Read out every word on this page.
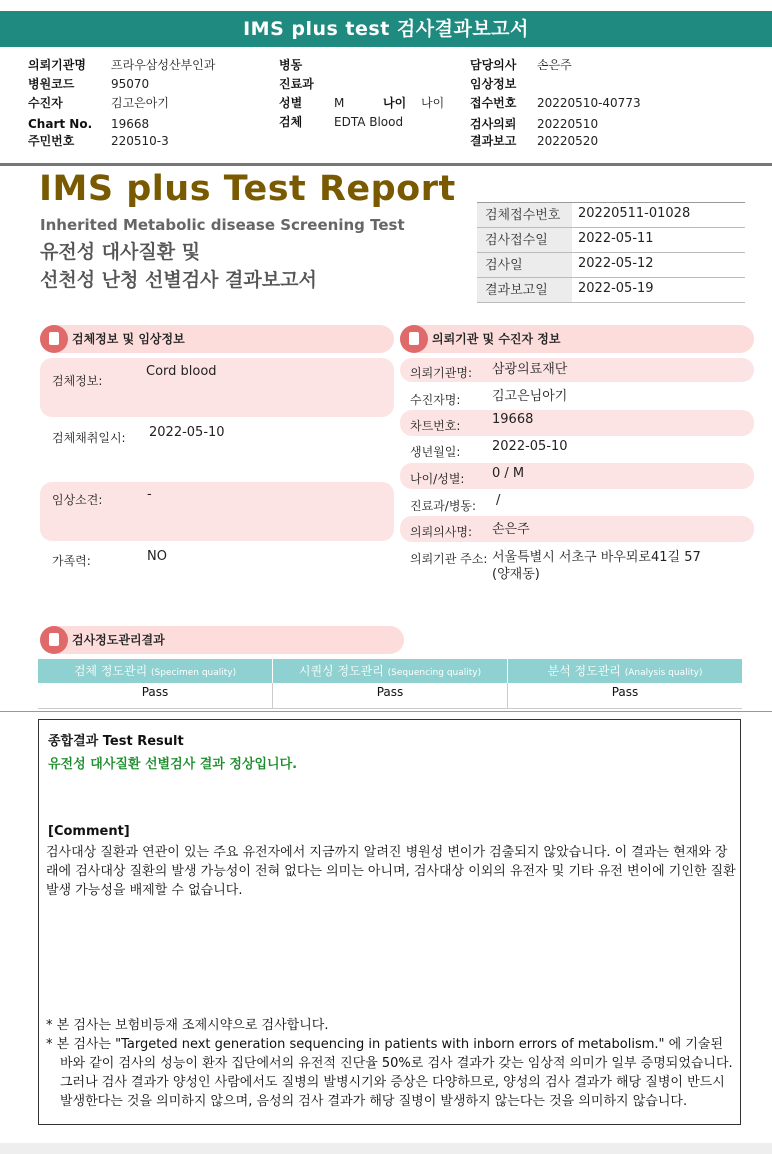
IMS plus test 검사결과보고서
의뢰기관명 프라우삼성산부인과
병원코드	95070
수진자	김고은아기
Chart No. 19668
주민번호	220510-3
병동
진료과
성별	M	나이 나이
검체	EDTA Blood
담당의사 손은주
임상정보
접수번호 20220510-40773
검사의뢰 20220510
결과보고 20220520
IMS plus Test Report
Inherited Metabolic disease Screening Test
유전성 대사질환 및
선천성 난청 선별검사 결과보고서
검체접수번호	20220511-01028
검사접수일	2022-05-11
검사일	2022-05-12
결과보고일	2022-05-19
검체정보 및 임상정보
검체정보:
Cord blood
검체채취일시: 2022-05-10
임상소견:	-
가족력:	NO
의뢰기관 및 수진자 정보
의뢰기관명: 삼광의료재단
수진자명: 김고은님아기
차트번호: 19668
생년월일: 2022-05-10
나이/성별: 0 / M
진료과/병동: /
의뢰의사명: 손은주
의뢰기관 주소: 서울특별시 서초구 바우뫼로41길 57
(양재동)
검사정도관리결과
검체 정도관리 (Specimen quality)	시퀀싱 정도관리 (Sequencing quality)	분석 정도관리 (Analysis quality)
Pass	Pass	Pass
종합결과 Test Result
유전성 대사질환 선별검사 결과 정상입니다.
[Comment]
검사대상 질환과 연관이 있는 주요 유전자에서 지금까지 알려진 병원성 변이가 검출되지 않았습니다. 이 결과는 현재와 장래에 검사대상 질환의 발생 가능성이 전혀 없다는 의미는 아니며, 검사대상 이외의 유전자 및 기타 유전 변이에 기인한 질환 발생 가능성을 배제할 수 없습니다.
* 본 검사는 보험비등재 조제시약으로 검사합니다.
* 본 검사는 "Targeted next generation sequencing in patients with inborn errors of metabolism." 에 기술된 바와 같이 검사의 성능이 환자 집단에서의 유전적 진단율 50%로 검사 결과가 갖는 임상적 의미가 일부 증명되었습니다. 그러나 검사 결과가 양성인 사람에서도 질병의 발병시기와 증상은 다양하므로, 양성의 검사 결과가 해당 질병이 반드시 발생한다는 것을 의미하지 않으며, 음성의 검사 결과가 해당 질병이 발생하지 않는다는 것을 의미하지 않습니다.
